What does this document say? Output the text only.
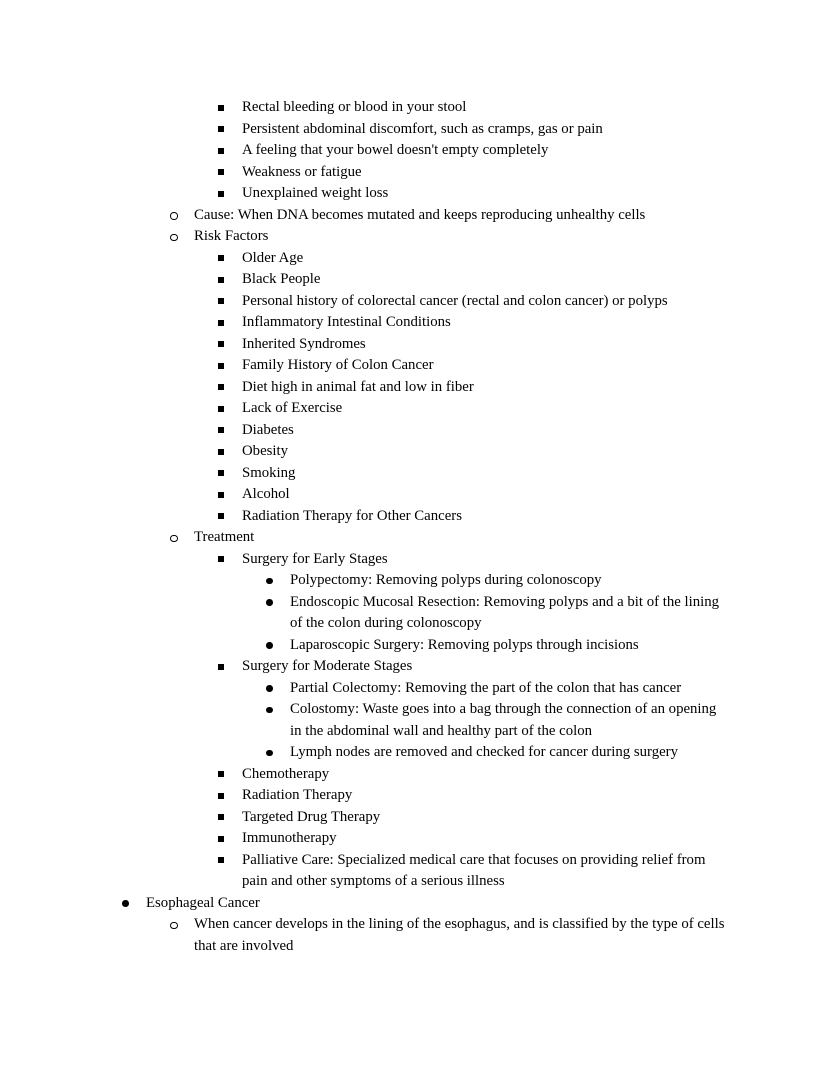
Rectal bleeding or blood in your stool
Persistent abdominal discomfort, such as cramps, gas or pain
A feeling that your bowel doesn't empty completely
Weakness or fatigue
Unexplained weight loss
Cause: When DNA becomes mutated and keeps reproducing unhealthy cells
Risk Factors
Older Age
Black People
Personal history of colorectal cancer (rectal and colon cancer) or polyps
Inflammatory Intestinal Conditions
Inherited Syndromes
Family History of Colon Cancer
Diet high in animal fat and low in fiber
Lack of Exercise
Diabetes
Obesity
Smoking
Alcohol
Radiation Therapy for Other Cancers
Treatment
Surgery for Early Stages
Polypectomy: Removing polyps during colonoscopy
Endoscopic Mucosal Resection: Removing polyps and a bit of the lining of the colon during colonoscopy
Laparoscopic Surgery: Removing polyps through incisions
Surgery for Moderate Stages
Partial Colectomy: Removing the part of the colon that has cancer
Colostomy: Waste goes into a bag through the connection of an opening in the abdominal wall and healthy part of the colon
Lymph nodes are removed and checked for cancer during surgery
Chemotherapy
Radiation Therapy
Targeted Drug Therapy
Immunotherapy
Palliative Care: Specialized medical care that focuses on providing relief from pain and other symptoms of a serious illness
Esophageal Cancer
When cancer develops in the lining of the esophagus, and is classified by the type of cells that are involved
